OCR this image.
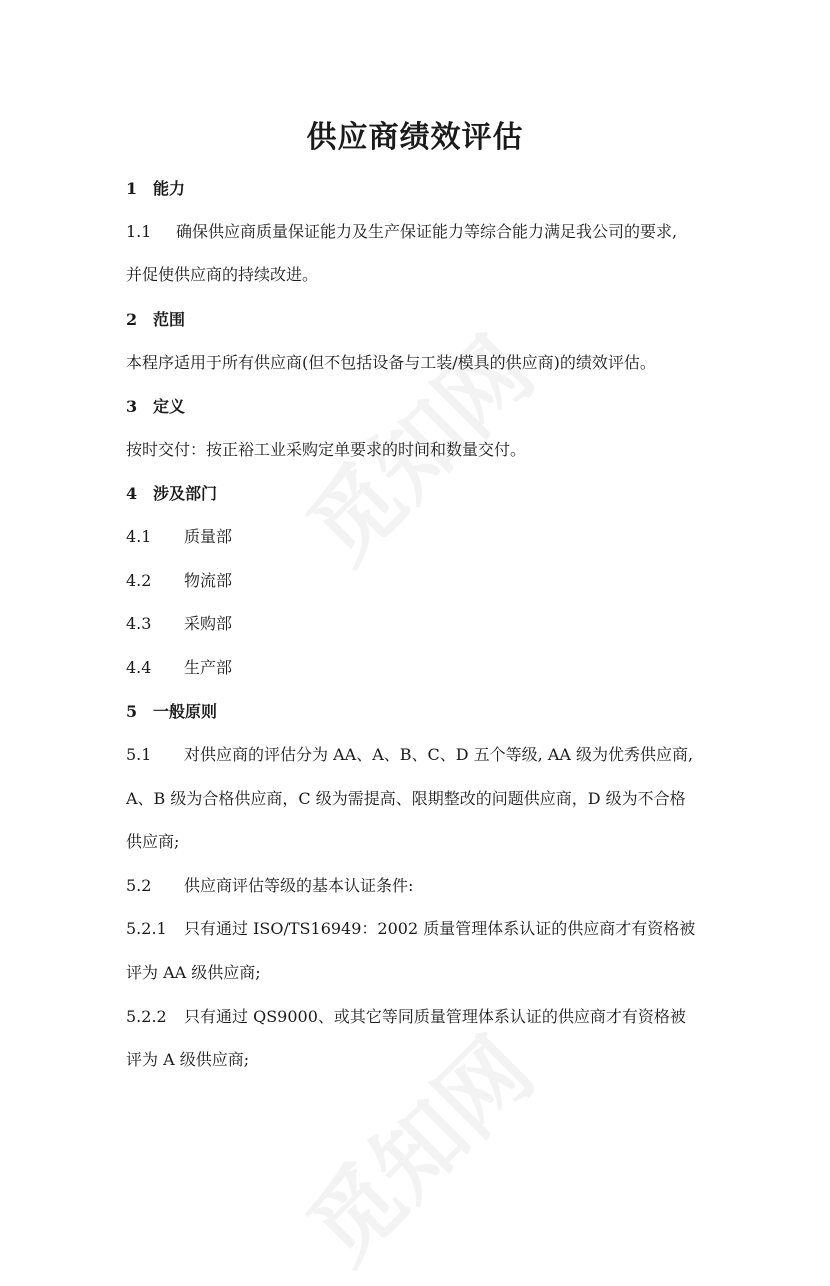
供应商绩效评估
1 能力
1.1 确保供应商质量保证能力及生产保证能力等综合能力满足我公司的要求,
并促使供应商的持续改进。
2 范围
本程序适用于所有供应商(但不包括设备与工装/模具的供应商)的绩效评估。
3 定义
按时交付：按正裕工业采购定单要求的时间和数量交付。
4 涉及部门
4.1 质量部
4.2 物流部
4.3 采购部
4.4 生产部
5 一般原则
5.1 对供应商的评估分为 AA、A、B、C、D 五个等级, AA 级为优秀供应商,
A、B 级为合格供应商，C 级为需提高、限期整改的问题供应商，D 级为不合格
供应商;
5.2 供应商评估等级的基本认证条件:
5.2.1 只有通过 ISO/TS16949：2002 质量管理体系认证的供应商才有资格被
评为 AA 级供应商;
5.2.2 只有通过 QS9000、或其它等同质量管理体系认证的供应商才有资格被
评为 A 级供应商;
